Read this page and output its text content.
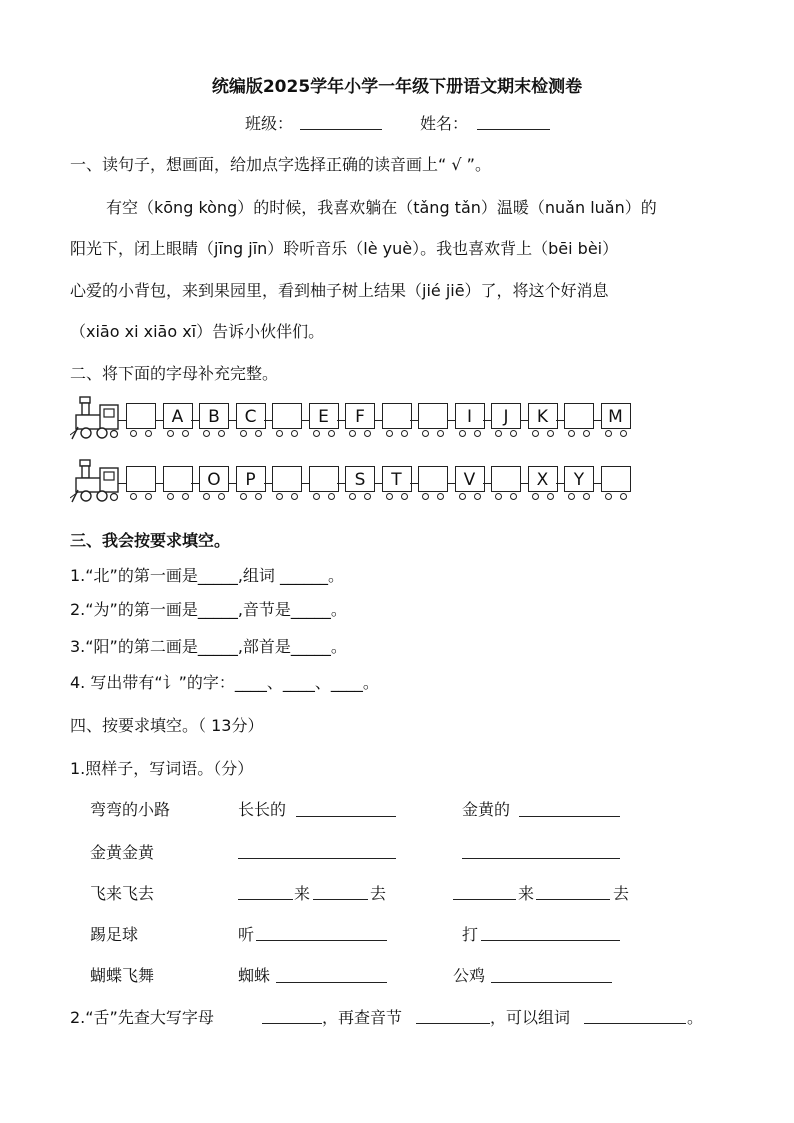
统编版2025学年小学一年级下册语文期末检测卷
班级：	姓名：
一、读句子，想画面，给加点字选择正确的读音画上“ √ ”。
有空（kōng kòng）的时候，我喜欢躺在（tǎng tǎn）温暖（nuǎn luǎn）的
阳光下，闭上眼睛（jīng jīn）聆听音乐（lè yuè）。我也喜欢背上（bēi bèi）
心爱的小背包，来到果园里，看到柚子树上结果（jié jiē）了，将这个好消息
（xiāo xi xiāo xī）告诉小伙伴们。
二、将下面的字母补充完整。
A	B	C	E	F	I	J	K	M
O	P	S	T	V	X	Y
三、我会按要求填空。
1.“北”的第一画是_____,组词 ______。
2.“为”的第一画是_____,音节是_____。
3.“阳”的第二画是_____,部首是_____。
4. 写出带有“讠”的字：____、____、____。
四、按要求填空。（ 13分）
1.照样子，写词语。（分）
弯弯的小路	长长的	金黄的
金黄金黄
飞来飞去	来	去	来	去
踢足球	听	打
蝴蝶飞舞	蜘蛛	公鸡
2.“舌”先查大写字母	，再查音节	，可以组词	。
